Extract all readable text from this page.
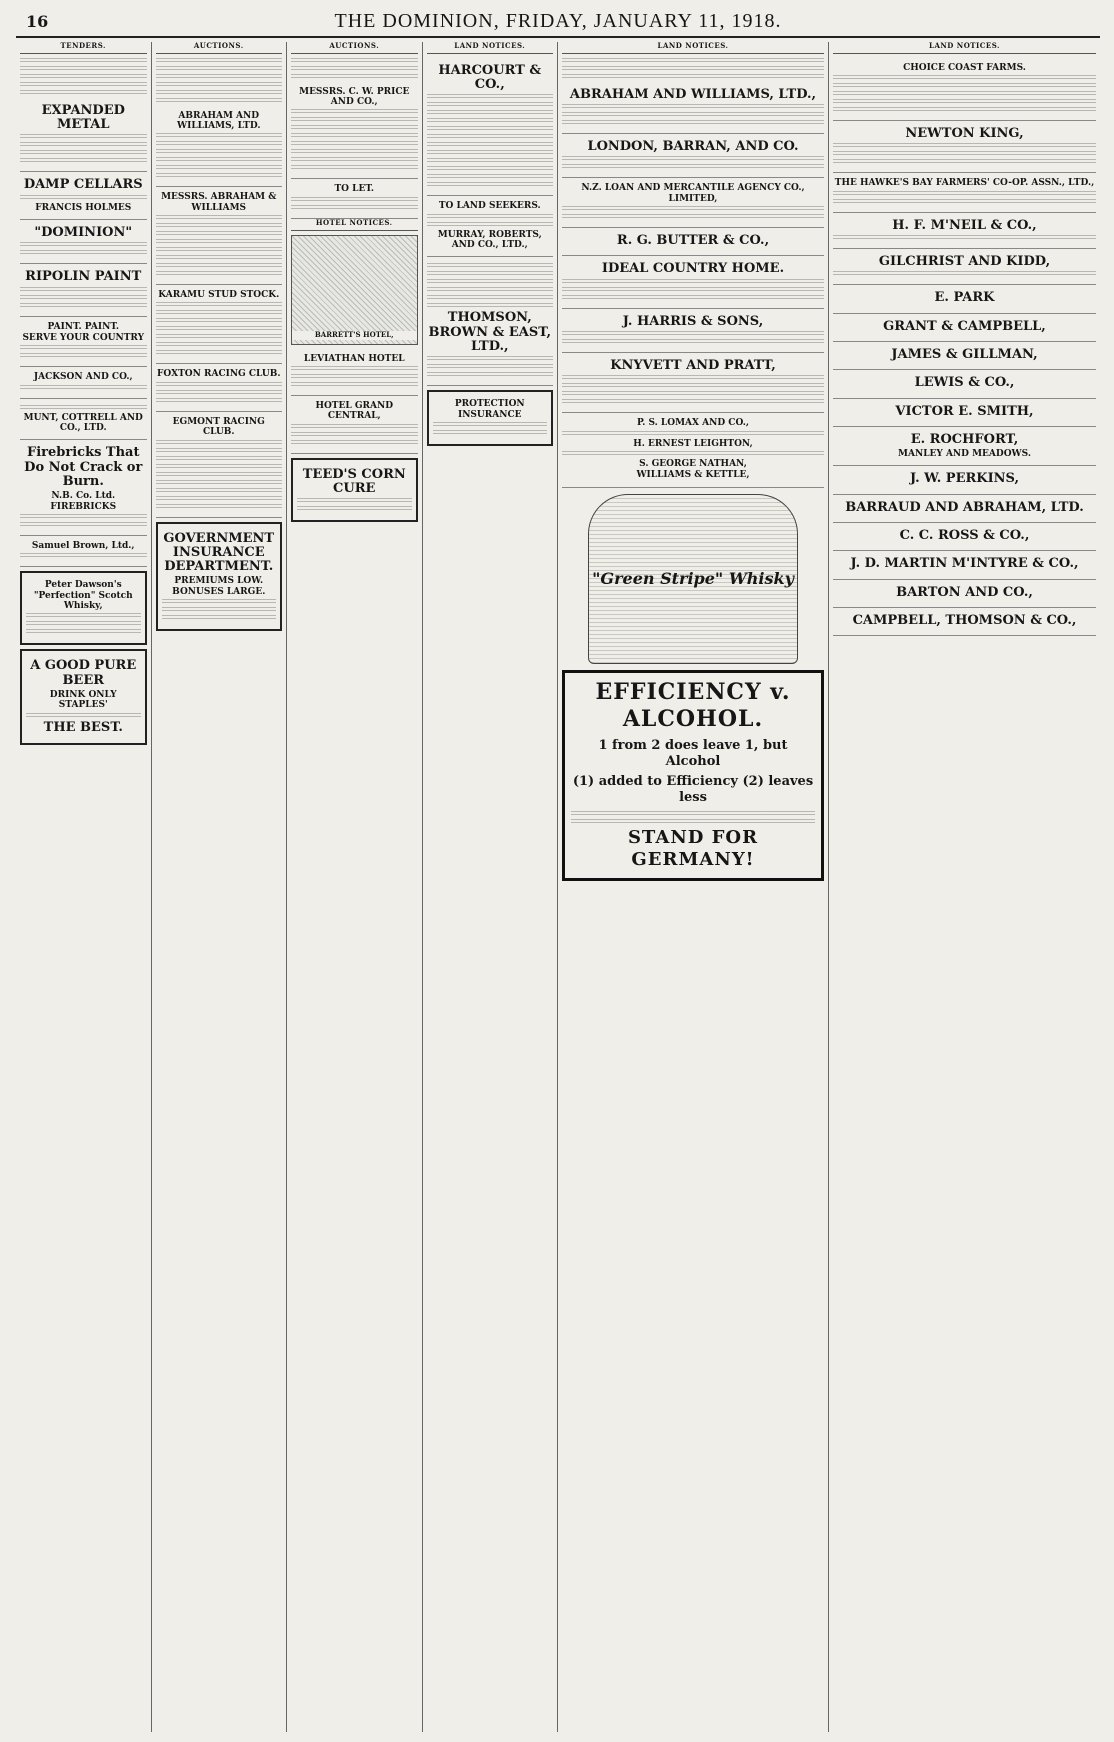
16	THE DOMINION, FRIDAY, JANUARY 11, 1918.
TENDERS.
EXPANDED METAL
DAMP CELLARS
FRANCIS HOLMES
"DOMINION"
RIPOLIN PAINT
PAINT. PAINT.
SERVE YOUR COUNTRY
JACKSON AND CO.,
MUNT, COTTRELL AND CO., LTD.
Firebricks That Do Not Crack or Burn.
N.B. Co. Ltd. FIREBRICKS
Samuel Brown, Ltd.,
Peter Dawson's "Perfection" Scotch Whisky,
A GOOD PURE BEER
DRINK ONLY STAPLES'
THE BEST.
AUCTIONS.
ABRAHAM AND WILLIAMS, LTD.
MESSRS. ABRAHAM & WILLIAMS
KARAMU STUD STOCK.
FOXTON RACING CLUB.
EGMONT RACING CLUB.
GOVERNMENT INSURANCE DEPARTMENT.
PREMIUMS LOW. BONUSES LARGE.
AUCTIONS.
MESSRS. C. W. PRICE AND CO.,
TO LET.
HOTEL NOTICES.
BARRETT'S HOTEL,
LEVIATHAN HOTEL
HOTEL GRAND CENTRAL,
TEED'S CORN CURE
LAND NOTICES.
HARCOURT & CO.,
TO LAND SEEKERS.
MURRAY, ROBERTS, AND CO., LTD.,
THOMSON, BROWN & EAST, LTD.,
PROTECTION INSURANCE
LAND NOTICES.
ABRAHAM AND WILLIAMS, LTD.,
LONDON, BARRAN, AND CO.
N.Z. LOAN AND MERCANTILE AGENCY CO., LIMITED,
R. G. BUTTER & CO.,
IDEAL COUNTRY HOME.
J. HARRIS & SONS,
KNYVETT AND PRATT,
P. S. LOMAX AND CO.,
H. ERNEST LEIGHTON,
S. GEORGE NATHAN,
WILLIAMS & KETTLE,
"Green Stripe" Whisky
EFFICIENCY v. ALCOHOL.
1 from 2 does leave 1, but Alcohol
(1) added to Efficiency (2) leaves less
STAND FOR GERMANY!
LAND NOTICES.
CHOICE COAST FARMS.
NEWTON KING,
THE HAWKE'S BAY FARMERS' CO-OP. ASSN., LTD.,
H. F. M'NEIL & CO.,
GILCHRIST AND KIDD,
E. PARK
GRANT & CAMPBELL,
JAMES & GILLMAN,
LEWIS & CO.,
VICTOR E. SMITH,
E. ROCHFORT,
MANLEY AND MEADOWS.
J. W. PERKINS,
BARRAUD AND ABRAHAM, LTD.
C. C. ROSS & CO.,
J. D. MARTIN M'INTYRE & CO.,
BARTON AND CO.,
CAMPBELL, THOMSON & CO.,
